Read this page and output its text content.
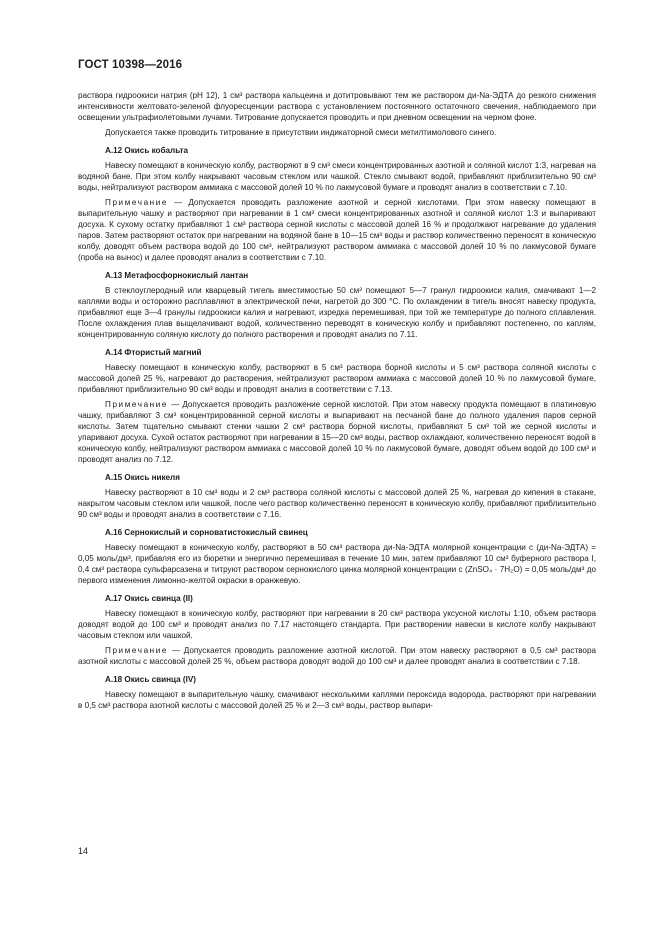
ГОСТ 10398—2016

раствора гидроокиси натрия (рН 12), 1 см³ раствора кальцеина и дотитровывают тем же раствором ди-Na-ЭДТА до резкого снижения интенсивности желтовато-зеленой флуоресценции раствора с установлением постоянного остаточного свечения, наблюдаемого при освещении ультрафиолетовыми лучами. Титрование допускается проводить и при дневном освещении на черном фоне.

Допускается также проводить титрование в присутствии индикаторной смеси метилтимолового синего.

А.12 Окись кобальта

Навеску помещают в коническую колбу, растворяют в 9 см³ смеси концентрированных азотной и соляной кислот 1:3, нагревая на водяной бане. При этом колбу накрывают часовым стеклом или чашкой. Стекло смывают водой, прибавляют приблизительно 90 см³ воды, нейтрализуют раствором аммиака с массовой долей 10 % по лакмусовой бумаге и проводят анализ в соответствии с 7.10.

Примечание — Допускается проводить разложение азотной и серной кислотами. При этом навеску помещают в выпарительную чашку и растворяют при нагревании в 1 см³ смеси концентрированных азотной и соляной кислот 1:3 и выпаривают досуха. К сухому остатку прибавляют 1 см³ раствора серной кислоты с массовой долей 16 % и продолжают нагревание до удаления паров. Затем растворяют остаток при нагревании на водяной бане в 10—15 см³ воды и раствор количественно переносят в коническую колбу, доводят объем раствора водой до 100 см³, нейтрализуют раствором аммиака с массовой долей 10 % по лакмусовой бумаге (проба на вынос) и далее проводят анализ в соответствии с 7.10.

А.13 Метафосфорнокислый лантан

В стеклоуглеродный или кварцевый тигель вместимостью 50 см³ помещают 5—7 гранул гидроокиси калия, смачивают 1—2 каплями воды и осторожно расплавляют в электрической печи, нагретой до 300 °С. По охлаждении в тигель вносят навеску продукта, прибавляют еще 3—4 гранулы гидроокиси калия и нагревают, изредка перемешивая, при той же температуре до полного сплавления. После охлаждения плав выщелачивают водой, количественно переводят в коническую колбу и прибавляют постепенно, по каплям, концентрированную соляную кислоту до полного растворения и проводят анализ по 7.11.

А.14 Фтористый магний

Навеску помещают в коническую колбу, растворяют в 5 см³ раствора борной кислоты и 5 см³ раствора соляной кислоты с массовой долей 25 %, нагревают до растворения, нейтрализуют раствором аммиака с массовой долей 10 % по лакмусовой бумаге, прибавляют приблизительно 90 см³ воды и проводят анализ в соответствии с 7.13.

Примечание — Допускается проводить разложение серной кислотой. При этом навеску продукта помещают в платиновую чашку, прибавляют 3 см³ концентрированной серной кислоты и выпаривают на песчаной бане до полного удаления паров серной кислоты. Затем тщательно смывают стенки чашки 2 см³ раствора борной кислоты, прибавляют 5 см³ той же серной кислоты и упаривают досуха. Сухой остаток растворяют при нагревании в 15—20 см³ воды, раствор охлаждают, количественно переносят водой в коническую колбу, нейтрализуют раствором аммиака с массовой долей 10 % по лакмусовой бумаге, доводят объем водой до 100 см³ и проводят анализ по 7.12.

А.15 Окись никеля

Навеску растворяют в 10 см³ воды и 2 см³ раствора соляной кислоты с массовой долей 25 %, нагревая до кипения в стакане, накрытом часовым стеклом или чашкой, после чего раствор количественно переносят в коническую колбу, прибавляют приблизительно 90 см³ воды и проводят анализ в соответствии с 7.16.

А.16 Сернокислый и сорноватистокислый свинец

Навеску помещают в коническую колбу, растворяют в 50 см³ раствора ди-Na-ЭДТА молярной концентрации с (ди-Na-ЭДТА) = 0,05 моль/дм³, прибавляя его из бюретки и энергично перемешивая в течение 10 мин, затем прибавляют 10 см³ буферного раствора I, 0,4 см³ раствора сульфарсазена и титруют раствором сернокислого цинка молярной концентрации с (ZnSO₄ · 7H₂O) = 0,05 моль/дм³ до первого изменения лимонно-желтой окраски в оранжевую.

А.17 Окись свинца (II)

Навеску помещают в коническую колбу, растворяют при нагревании в 20 см³ раствора уксусной кислоты 1:10, объем раствора доводят водой до 100 см³ и проводят анализ по 7.17 настоящего стандарта. При растворении навески в кислоте колбу накрывают часовым стеклом или чашкой.

Примечание — Допускается проводить разложение азотной кислотой. При этом навеску растворяют в 0,5 см³ раствора азотной кислоты с массовой долей 25 %, объем раствора доводят водой до 100 см³ и далее проводят анализ в соответствии с 7.18.

А.18 Окись свинца (IV)

Навеску помещают в выпарительную чашку, смачивают несколькими каплями пероксида водорода, растворяют при нагревании в 0,5 см³ раствора азотной кислоты с массовой долей 25 % и 2—3 см³ воды, раствор выпари-

14
